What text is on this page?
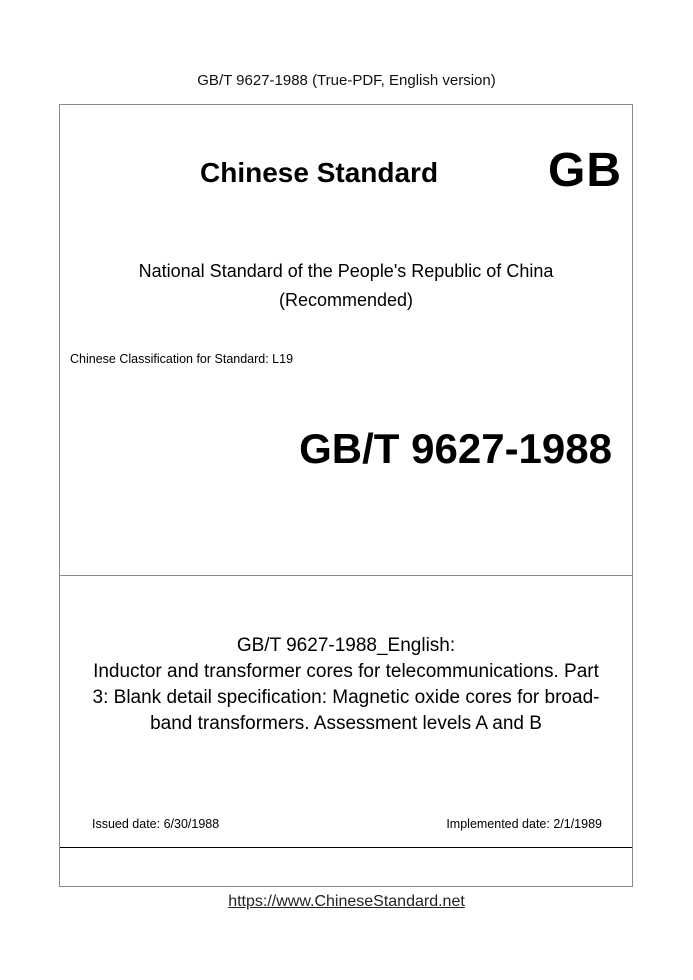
GB/T 9627-1988 (True-PDF, English version)
Chinese Standard GB
National Standard of the People's Republic of China
(Recommended)
Chinese Classification for Standard: L19
GB/T 9627-1988
GB/T 9627-1988_English:
Inductor and transformer cores for telecommunications. Part
3: Blank detail specification: Magnetic oxide cores for broad-
band transformers. Assessment levels A and B
Issued date: 6/30/1988	Implemented date: 2/1/1989
https://www.ChineseStandard.net
